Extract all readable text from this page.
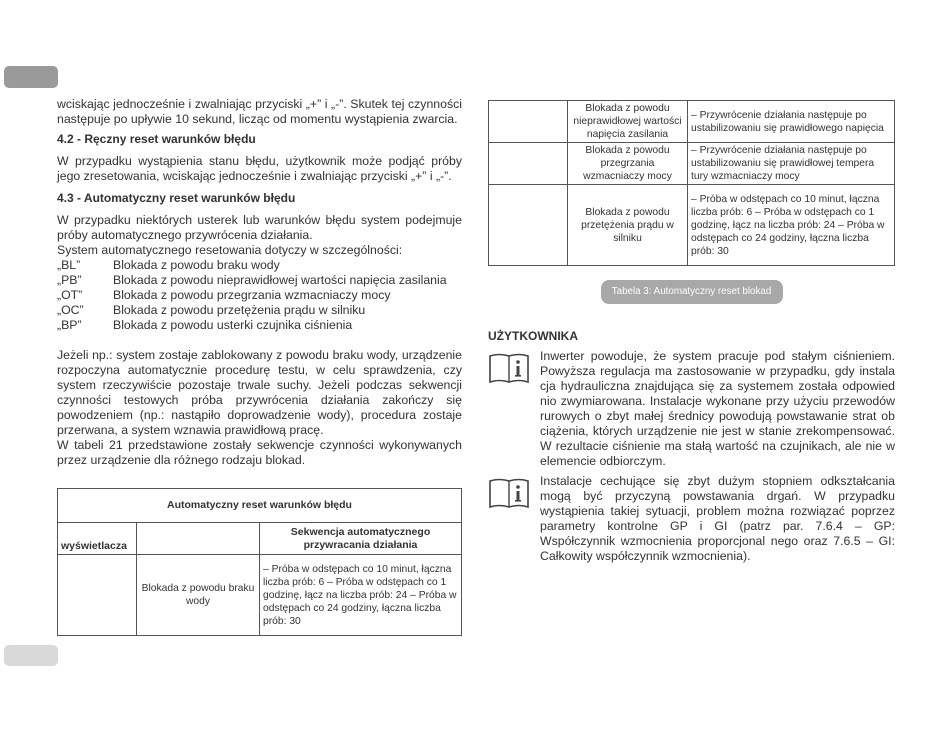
wciskając jednocześnie i zwalniając przyciski „+” i „-”. Skutek tej czynności następuje po upływie 10 sekund, licząc od momentu wystąpienia zwarcia.

4.2 - Ręczny reset warunków błędu

W przypadku wystąpienia stanu błędu, użytkownik może podjąć próby jego zresetowania, wciskając jednocześnie i zwalniając przyciski „+” i „-”.

4.3 - Automatyczny reset warunków błędu

W przypadku niektórych usterek lub warunków błędu system podejmuje próby automatycznego przywrócenia działania.

System automatycznego resetowania dotyczy w szczególności:

„BL”	Blokada z powodu braku wody
„PB”	Blokada z powodu nieprawidłowej wartości napięcia zasilania
„OT”	Blokada z powodu przegrzania wzmacniaczy mocy
„OC”	Blokada z powodu przetężenia prądu w silniku
„BP”	Blokada z powodu usterki czujnika ciśnienia

Jeżeli np.: system zostaje zablokowany z powodu braku wody, urządzenie rozpoczyna automatycznie procedurę testu, w celu sprawdzenia, czy system rzeczywiście pozostaje trwale suchy. Jeżeli podczas sekwencji czynności testowych próba przywrócenia działania zakończy się powodzeniem (np.: nastąpiło doprowadzenie wody), procedura zostaje przerwana, a system wznawia prawidłową pracę.

W tabeli 21 przedstawione zostały sekwencje czynności wykonywanych przez urządzenie dla różnego rodzaju blokad.

Automatyczny reset warunków błędu		
wyświetlacza		Sekwencja automatycznego przywracania działania
	Blokada z powodu braku wody	– Próba w odstępach co 10 minut, łączna liczba prób: 6 – Próba w odstępach co 1 godzinę, łącz na liczba prób: 24 – Próba w odstępach co 24 godziny, łączna liczba prób: 30
	Blokada z powodu nieprawidłowej wartości napięcia zasilania	– Przywrócenie działania następuje po ustabilizowaniu się prawidłowego napięcia
	Blokada z powodu przegrzania wzmacniaczy mocy	– Przywrócenie działania następuje po ustabilizowaniu się prawidłowej tempera tury wzmacniaczy mocy
	Blokada z powodu przetężenia prądu w silniku	– Próba w odstępach co 10 minut, łączna liczba prób: 6 – Próba w odstępach co 1 godzinę, łącz na liczba prób: 24 – Próba w odstępach co 24 godziny, łączna liczba prób: 30
Tabela 3: Automatyczny reset blokad

UŻYTKOWNIKA

Inwerter powoduje, że system pracuje pod stałym ciśnieniem. Powyższa regulacja ma zastosowanie w przypadku, gdy instala cja hydrauliczna znajdująca się za systemem została odpowied nio zwymiarowana. Instalacje wykonane przy użyciu przewodów rurowych o zbyt małej średnicy powodują powstawanie strat ob ciążenia, których urządzenie nie jest w stanie zrekompensować. W rezultacie ciśnienie ma stałą wartość na czujnikach, ale nie w elemencie odbiorczym.

Instalacje cechujące się zbyt dużym stopniem odkształcania mogą być przyczyną powstawania drgań. W przypadku wystąpienia takiej sytuacji, problem można rozwiązać poprzez parametry kontrolne GP i GI (patrz par. 7.6.4 – GP: Współczynnik wzmocnienia proporcjonal nego oraz 7.6.5 – GI: Całkowity współczynnik wzmocnienia).
